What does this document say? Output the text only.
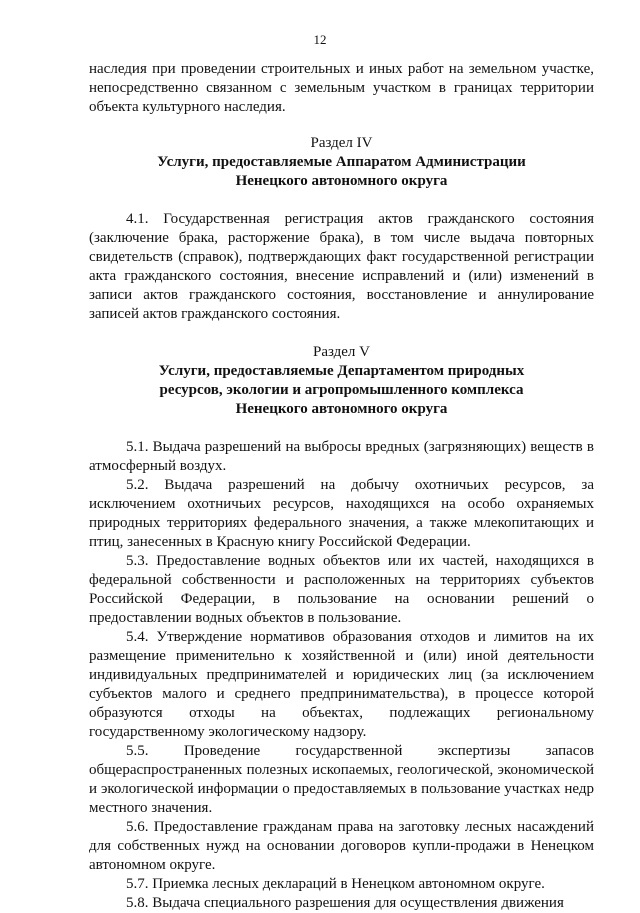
12

наследия при проведении строительных и иных работ на земельном участке, непосредственно связанном с земельным участком в границах территории объекта культурного наследия.

Раздел IV

Услуги, предоставляемые Аппаратом Администрации

Ненецкого автономного округа

4.1. Государственная регистрация актов гражданского состояния (заключение брака, расторжение брака), в том числе выдача повторных свидетельств (справок), подтверждающих факт государственной регистрации акта гражданского состояния, внесение исправлений и (или) изменений в записи актов гражданского состояния, восстановление и аннулирование записей актов гражданского состояния.

Раздел V

Услуги, предоставляемые Департаментом природных

ресурсов, экологии и агропромышленного комплекса

Ненецкого автономного округа

5.1. Выдача разрешений на выбросы вредных (загрязняющих) веществ в атмосферный воздух.

5.2. Выдача разрешений на добычу охотничьих ресурсов, за исключением охотничьих ресурсов, находящихся на особо охраняемых природных территориях федерального значения, а также млекопитающих и птиц, занесенных в Красную книгу Российской Федерации.

5.3. Предоставление водных объектов или их частей, находящихся в федеральной собственности и расположенных на территориях субъектов Российской Федерации, в пользование на основании решений о предоставлении водных объектов в пользование.

5.4. Утверждение нормативов образования отходов и лимитов на их размещение применительно к хозяйственной и (или) иной деятельности индивидуальных предпринимателей и юридических лиц (за исключением субъектов малого и среднего предпринимательства), в процессе которой образуются отходы на объектах, подлежащих региональному государственному экологическому надзору.

5.5. Проведение государственной экспертизы запасов общераспространенных полезных ископаемых, геологической, экономической и экологической информации о предоставляемых в пользование участках недр местного значения.

5.6. Предоставление гражданам права на заготовку лесных насаждений для собственных нужд на основании договоров купли-продажи в Ненецком автономном округе.

5.7. Приемка лесных деклараций в Ненецком автономном округе.

5.8. Выдача специального разрешения для осуществления движения
